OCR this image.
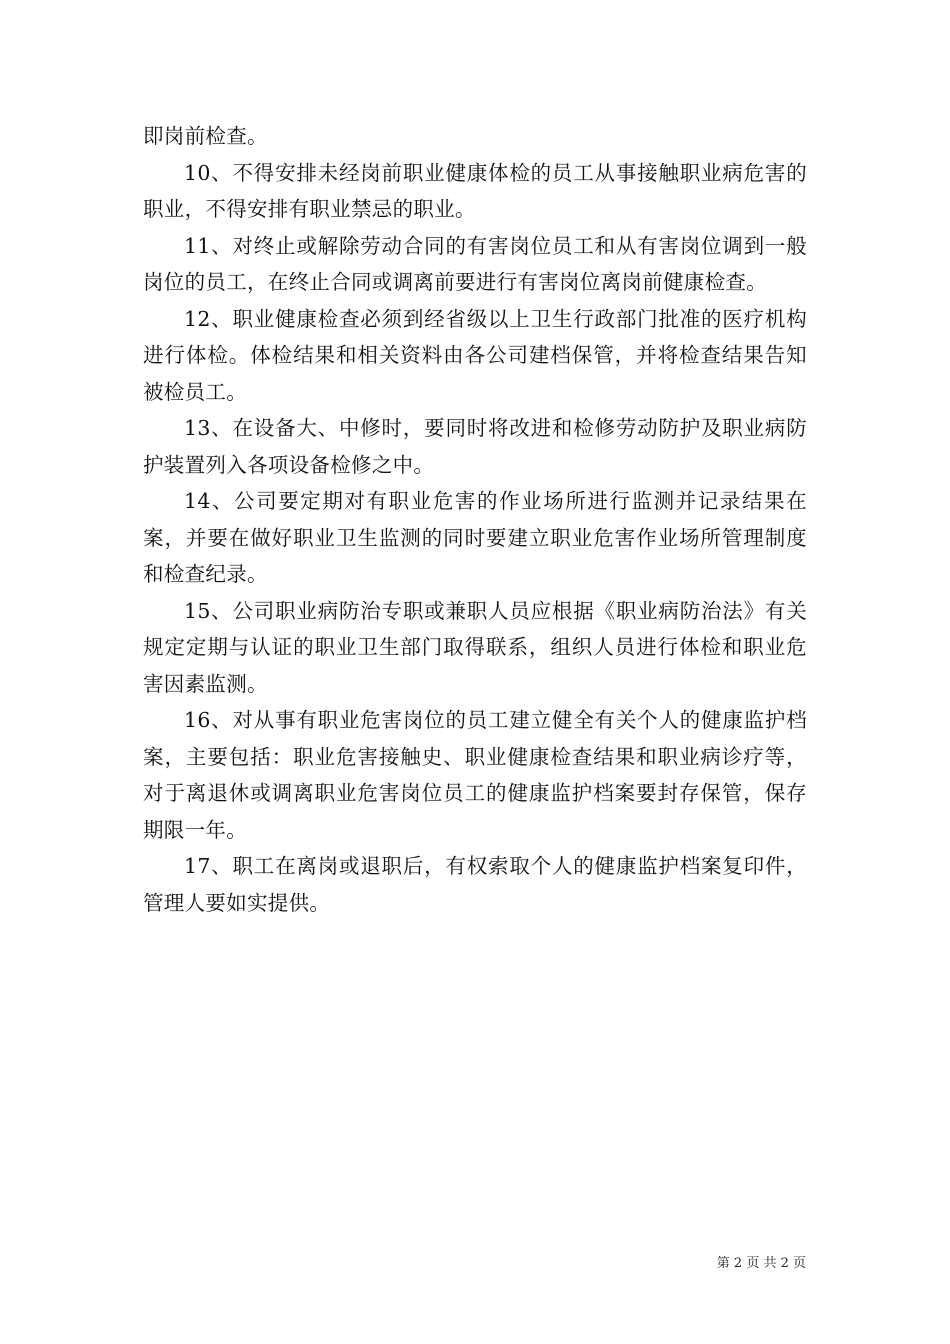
即岗前检查。

10、不得安排未经岗前职业健康体检的员工从事接触职业病危害的职业，不得安排有职业禁忌的职业。

11、对终止或解除劳动合同的有害岗位员工和从有害岗位调到一般岗位的员工，在终止合同或调离前要进行有害岗位离岗前健康检查。

12、职业健康检查必须到经省级以上卫生行政部门批准的医疗机构进行体检。体检结果和相关资料由各公司建档保管，并将检查结果告知被检员工。

13、在设备大、中修时，要同时将改进和检修劳动防护及职业病防护装置列入各项设备检修之中。

14、公司要定期对有职业危害的作业场所进行监测并记录结果在案，并要在做好职业卫生监测的同时要建立职业危害作业场所管理制度和检查纪录。

15、公司职业病防治专职或兼职人员应根据《职业病防治法》有关规定定期与认证的职业卫生部门取得联系，组织人员进行体检和职业危害因素监测。

16、对从事有职业危害岗位的员工建立健全有关个人的健康监护档案，主要包括：职业危害接触史、职业健康检查结果和职业病诊疗等，对于离退休或调离职业危害岗位员工的健康监护档案要封存保管，保存期限一年。

17、职工在离岗或退职后，有权索取个人的健康监护档案复印件，管理人要如实提供。

第 2 页 共 2 页
